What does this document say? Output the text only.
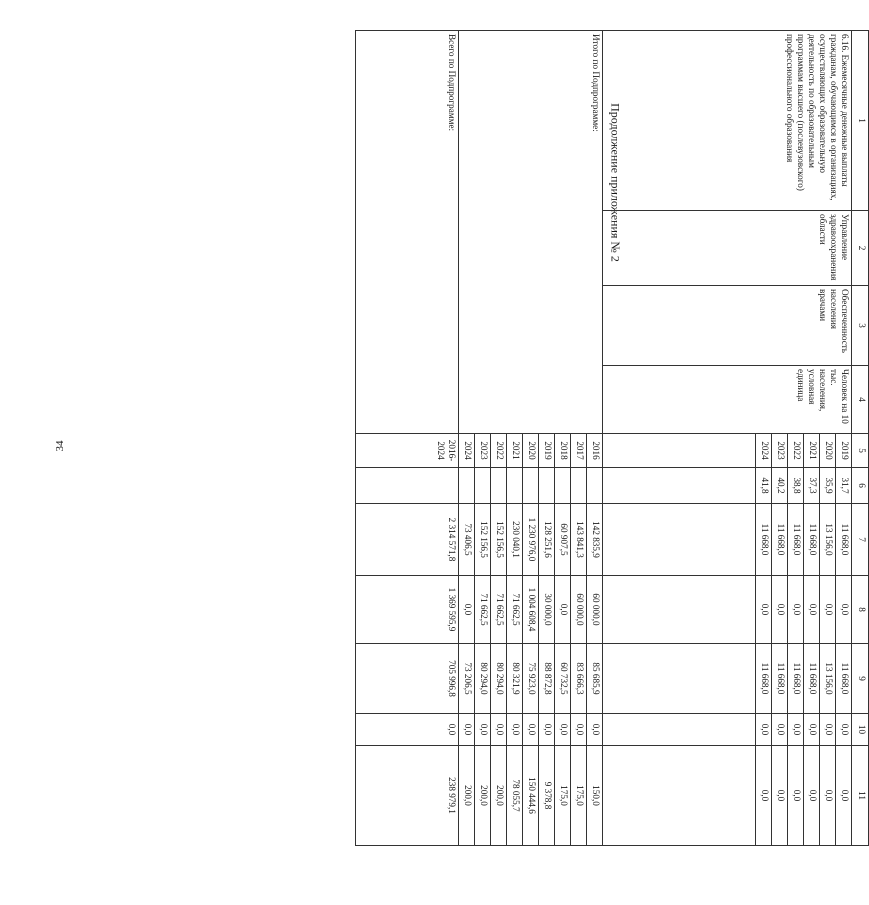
34
Продолжение приложения № 2	1	2	3	4	5	6	7	8	9	10	11
6.16. Ежемесячные денежные выплаты гражданам, обучающимся в организациях, осуществляющих образовательную деятельность по образовательным программам высшего (послевузовского) профессионального образования	Управление здравоохранения области	Обеспеченность населения врачами	Человек на 10 тыс. населения, условная единица	2019	31,7	11 668,0	0,0	11 668,0	0,0	0,0
				2020	35,9	13 156,0	0,0	13 156,0	0,0	0,0
				2021	37,3	11 668,0	0,0	11 668,0	0,0	0,0
				2022	38,8	11 668,0	0,0	11 668,0	0,0	0,0
				2023	40,2	11 668,0	0,0	11 668,0	0,0	0,0
				2024	41,8	11 668,0	0,0	11 668,0	0,0	0,0

Итого по Подпрограмме:				2016		142 835,9	60 000,0	85 685,9	0,0	150,0
				2017		143 841,3	60 000,0	83 666,3	0,0	175,0
				2018		60 907,5	0,0	60 732,5	0,0	175,0
				2019		128 251,6	30 000,0	88 872,8	0,0	9 378,8
				2020		1 230 976,0	1 004 608,4	75 923,0	0,0	150 444,6
				2021		230 040,1	71 662,5	80 321,9	0,0	78 055,7
				2022		152 156,5	71 662,5	80 294,0	0,0	200,0
				2023		152 156,5	71 662,5	80 294,0	0,0	200,0
				2024		73 406,5	0,0	73 206,5	0,0	200,0
Всего по Подпрограмме:				2016-2024		2 314 571,8	1 369 595,9	705 996,8	0,0	238 979,1
